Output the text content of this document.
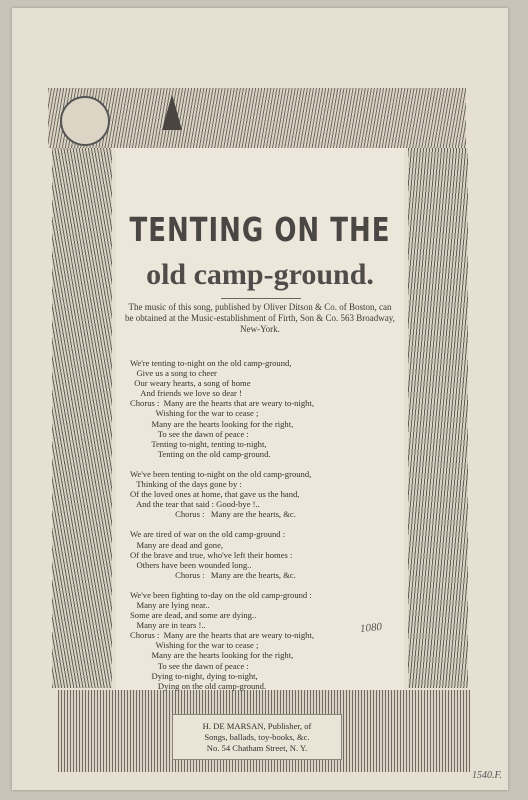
TENTING ON THE
old camp-ground.
The music of this song, published by Oliver Ditson & Co. of Boston, can be obtained at the Music-establishment of Firth, Son & Co. 563 Broadway, New-York.
We're tenting to-night on the old camp-ground,
Give us a song to cheer
Our weary hearts, a song of home
And friends we love so dear !
Chorus :  Many are the hearts that are weary to-night,
Wishing for the war to cease ;
Many are the hearts looking for the right,
To see the dawn of peace :
Tenting to-night, tenting to-night,
Tenting on the old camp-ground.
We've been tenting to-night on the old camp-ground,
Thinking of the days gone by :
Of the loved ones at home, that gave us the hand,
And the tear that said : Good-bye !..
Chorus :   Many are the hearts, &c.
We are tired of war on the old camp-ground :
Many are dead and gone,
Of the brave and true, who've left their homes :
Others have been wounded long..
Chorus :   Many are the hearts, &c.
We've been fighting to-day on the old camp-ground :
Many are lying near..
Some are dead, and some are dying..
Many are in tears !..
Chorus :  Many are the hearts that are weary to-night,
Wishing for the war to cease ;
Many are the hearts looking for the right,
To see the dawn of peace :
Dying to-night, dying to-night,
Dying on the old camp-ground.
H. DE MARSAN, Publisher, of
Songs, ballads, toy-books, &c.
No. 54 Chatham Street, N. Y.
1080
1540.F.
